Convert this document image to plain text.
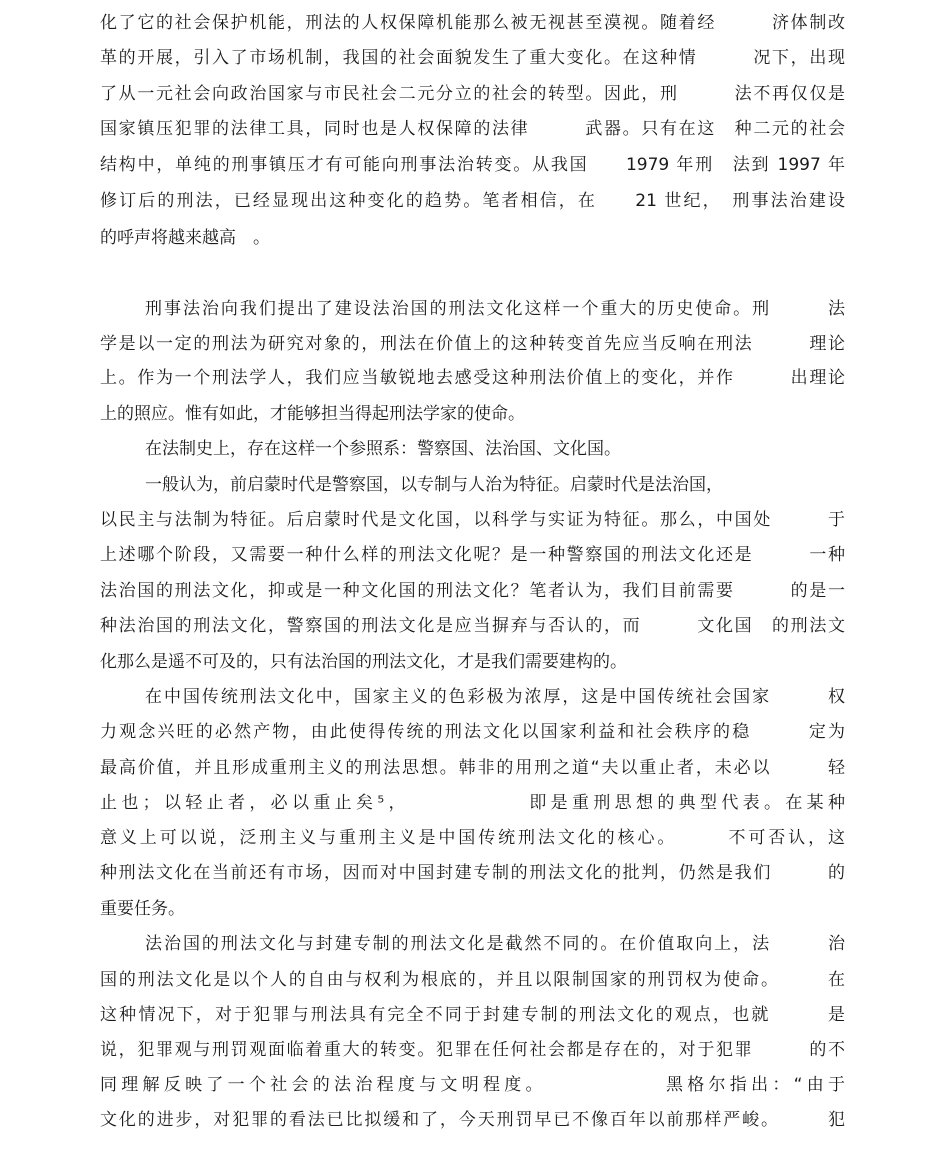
化了它的社会保护机能，刑法的人权保障机能那么被无视甚至漠视。随着经　　　济体制改
革的开展，引入了市场机制，我国的社会面貌发生了重大变化。在这种情　　　况下，出现
了从一元社会向政治国家与市民社会二元分立的社会的转型。因此，刑　　　法不再仅仅是
国家镇压犯罪的法律工具，同时也是人权保障的法律　　　武器。只有在这　种二元的社会
结构中，单纯的刑事镇压才有可能向刑事法治转变。从我国　　1979 年刑　法到 1997 年
修订后的刑法，已经显现出这种变化的趋势。笔者相信，在　　21 世纪，　刑事法治建设
的呼声将越来越高　。
刑事法治向我们提出了建设法治国的刑法文化这样一个重大的历史使命。刑　　　法
学是以一定的刑法为研究对象的，刑法在价值上的这种转变首先应当反响在刑法　　　理论
上。作为一个刑法学人，我们应当敏锐地去感受这种刑法价值上的变化，并作　　　出理论
上的照应。惟有如此，才能够担当得起刑法学家的使命。
在法制史上，存在这样一个参照系：警察国、法治国、文化国。
一般认为，前启蒙时代是警察国，以专制与人治为特征。启蒙时代是法治国，
以民主与法制为特征。后启蒙时代是文化国，以科学与实证为特征。那么，中国处　　　于
上述哪个阶段，又需要一种什么样的刑法文化呢？是一种警察国的刑法文化还是　　　一种
法治国的刑法文化，抑或是一种文化国的刑法文化？笔者认为，我们目前需要　　　的是一
种法治国的刑法文化，警察国的刑法文化是应当摒弃与否认的，而　　　文化国　的刑法文
化那么是遥不可及的，只有法治国的刑法文化，才是我们需要建构的。
在中国传统刑法文化中，国家主义的色彩极为浓厚，这是中国传统社会国家　　　权
力观念兴旺的必然产物，由此使得传统的刑法文化以国家利益和社会秩序的稳　　　定为
最高价值，并且形成重刑主义的刑法思想。韩非的用刑之道“夫以重止者，未必以　　　轻
止也；以轻止者，必以重止矣⁵，　　　　　　即是重刑思想的典型代表。在某种
意义上可以说，泛刑主义与重刑主义是中国传统刑法文化的核心。　　　不可否认，这
种刑法文化在当前还有市场，因而对中国封建专制的刑法文化的批判，仍然是我们　　　的
重要任务。
法治国的刑法文化与封建专制的刑法文化是截然不同的。在价值取向上，法　　　治
国的刑法文化是以个人的自由与权利为根底的，并且以限制国家的刑罚权为使命。　　　在
这种情况下，对于犯罪与刑法具有完全不同于封建专制的刑法文化的观点，也就　　　是
说，犯罪观与刑罚观面临着重大的转变。犯罪在任何社会都是存在的，对于犯罪　　　的不
同理解反映了一个社会的法治程度与文明程度。　　　　　　黑格尔指出：“由于
文化的进步，对犯罪的看法已比拟缓和了，今天刑罚早已不像百年以前那样严峻。　　　犯
